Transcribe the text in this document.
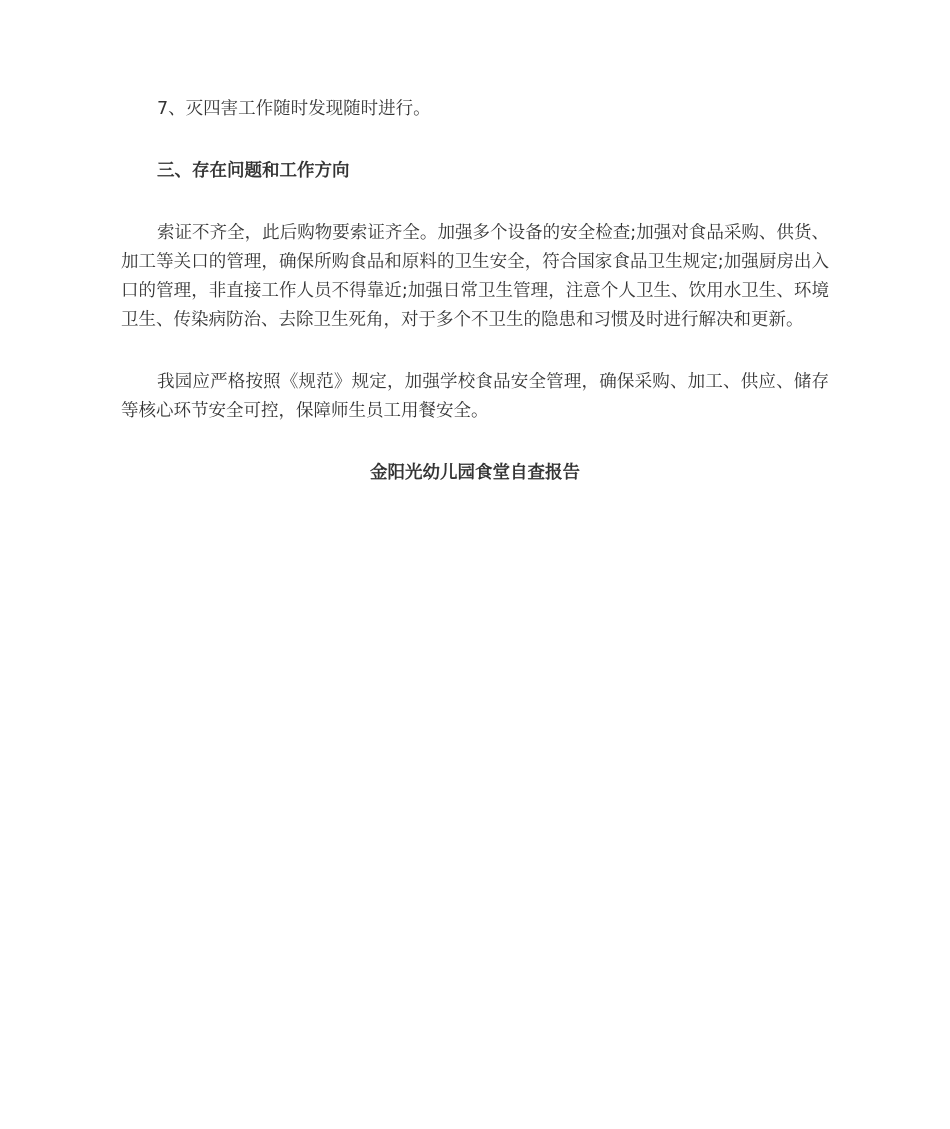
7、灭四害工作随时发现随时进行。

三、存在问题和工作方向

索证不齐全，此后购物要索证齐全。加强多个设备的安全检查;加强对食品采购、供货、加工等关口的管理，确保所购食品和原料的卫生安全，符合国家食品卫生规定;加强厨房出入口的管理，非直接工作人员不得靠近;加强日常卫生管理，注意个人卫生、饮用水卫生、环境卫生、传染病防治、去除卫生死角，对于多个不卫生的隐患和习惯及时进行解决和更新。

我园应严格按照《规范》规定，加强学校食品安全管理，确保采购、加工、供应、储存等核心环节安全可控，保障师生员工用餐安全。

金阳光幼儿园食堂自查报告
